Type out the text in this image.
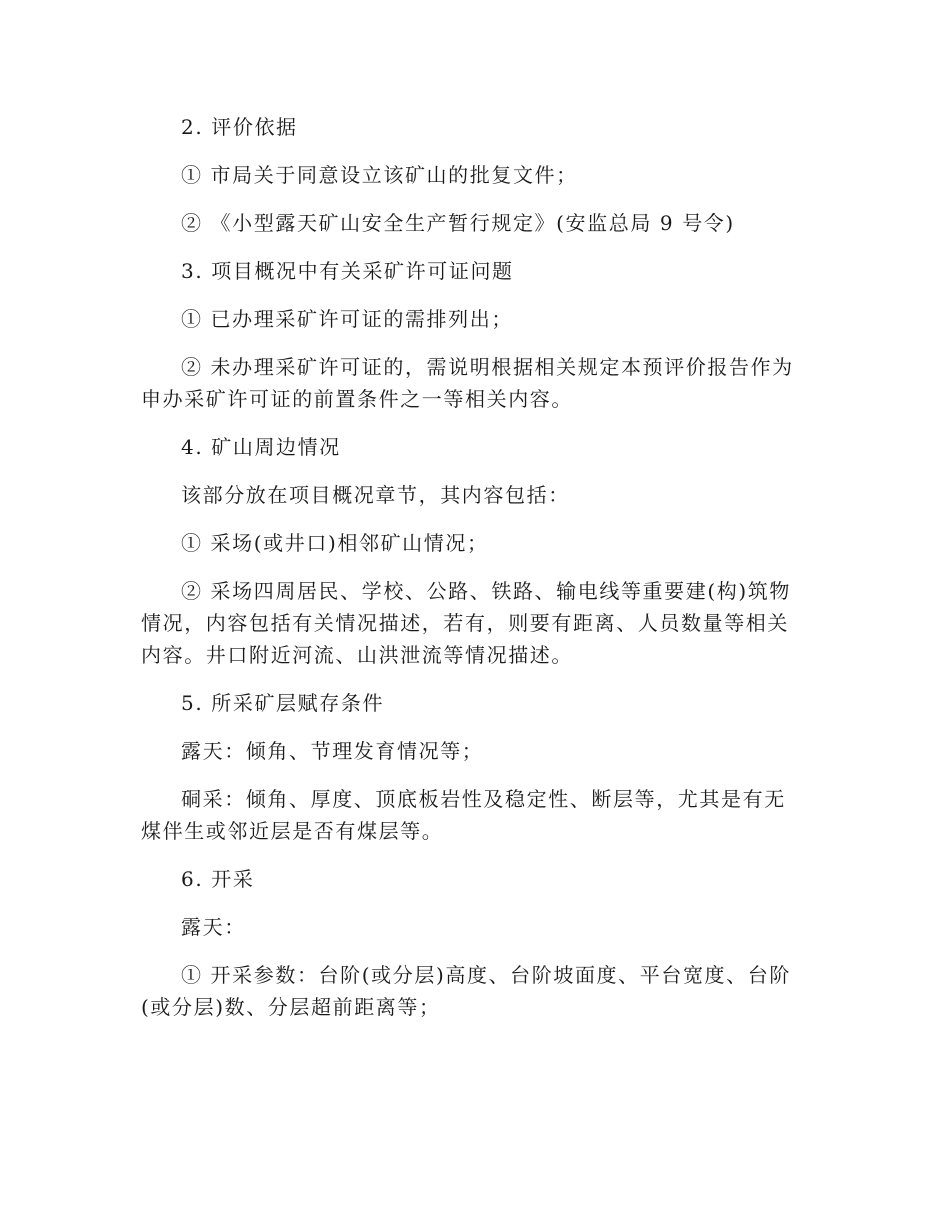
2. 评价依据

① 市局关于同意设立该矿山的批复文件；

② 《小型露天矿山安全生产暂行规定》(安监总局 9 号令)

3. 项目概况中有关采矿许可证问题

① 已办理采矿许可证的需排列出；

② 未办理采矿许可证的，需说明根据相关规定本预评价报告作为申办采矿许可证的前置条件之一等相关内容。

4. 矿山周边情况

该部分放在项目概况章节，其内容包括：

① 采场(或井口)相邻矿山情况；

② 采场四周居民、学校、公路、铁路、输电线等重要建(构)筑物情况，内容包括有关情况描述，若有，则要有距离、人员数量等相关内容。井口附近河流、山洪泄流等情况描述。

5. 所采矿层赋存条件

露天：倾角、节理发育情况等；

硐采：倾角、厚度、顶底板岩性及稳定性、断层等，尤其是有无煤伴生或邻近层是否有煤层等。

6. 开采

露天：

① 开采参数：台阶(或分层)高度、台阶坡面度、平台宽度、台阶(或分层)数、分层超前距离等；
